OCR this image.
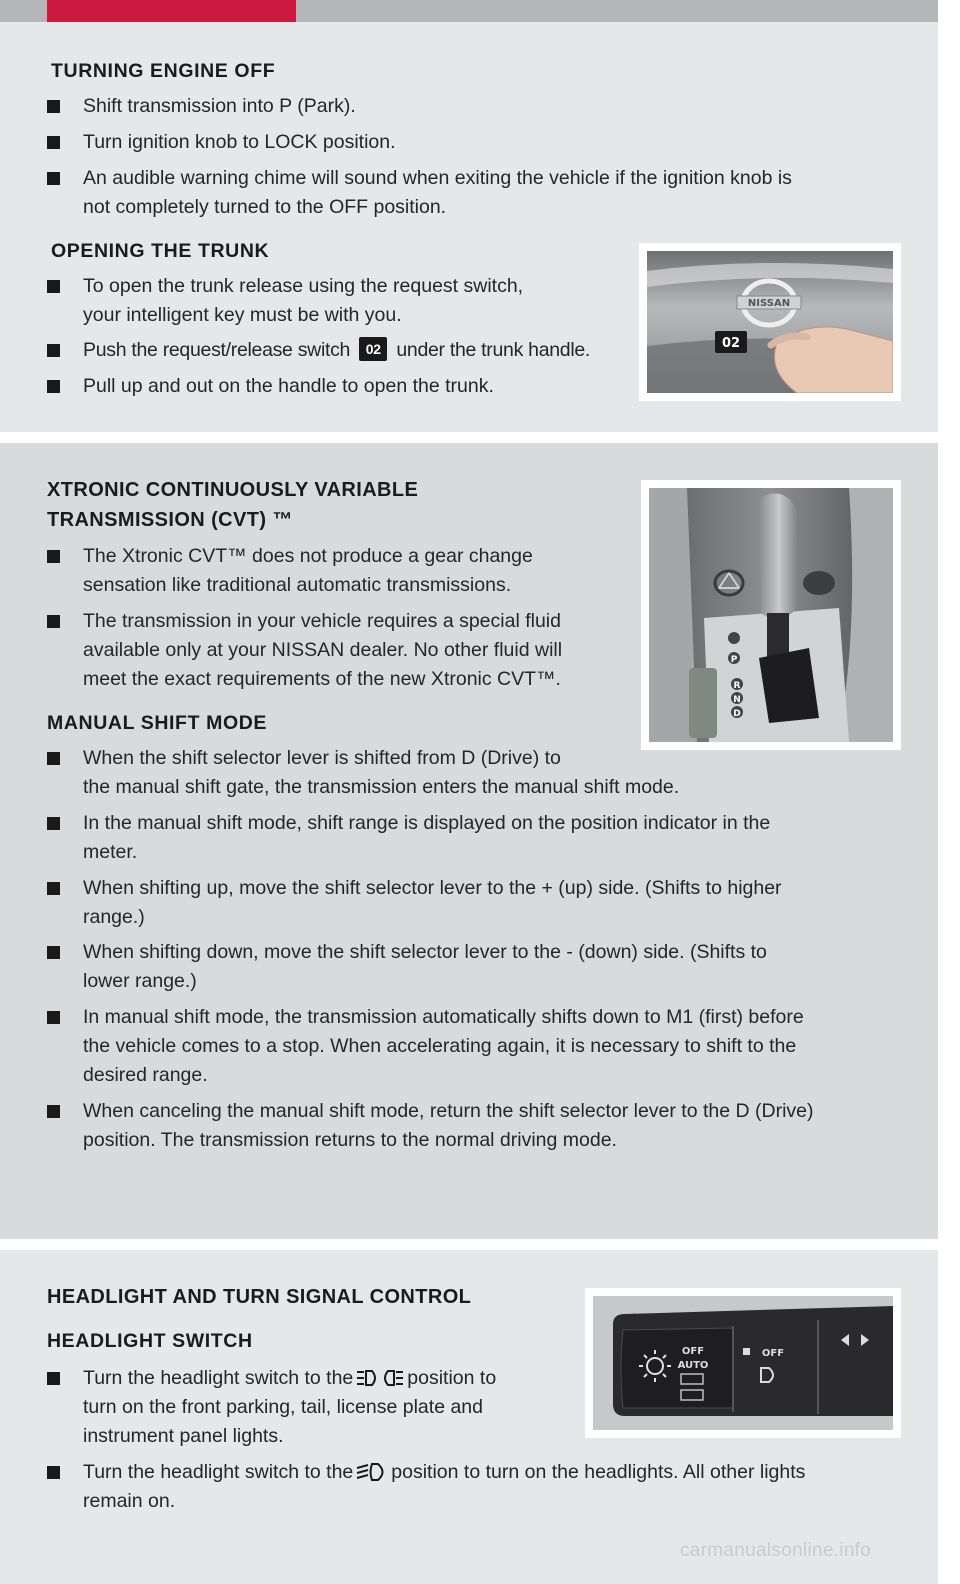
TURNING ENGINE OFF

Shift transmission into P (Park).

Turn ignition knob to LOCK position.

An audible warning chime will sound when exiting the vehicle if the ignition knob is
not completely turned to the OFF position.

OPENING THE TRUNK

To open the trunk release using the request switch,
your intelligent key must be with you.

Push the request/release switch 02 under the trunk handle.

Pull up and out on the handle to open the trunk.

NISSAN
02
XTRONIC CONTINUOUSLY VARIABLE
TRANSMISSION (CVT) ™

The Xtronic CVT™ does not produce a gear change
sensation like traditional automatic transmissions.

The transmission in your vehicle requires a special fluid
available only at your NISSAN dealer. No other fluid will
meet the exact requirements of the new Xtronic CVT™.

MANUAL SHIFT MODE

When the shift selector lever is shifted from D (Drive) to
the manual shift gate, the transmission enters the manual shift mode.

In the manual shift mode, shift range is displayed on the position indicator in the
meter.

When shifting up, move the shift selector lever to the + (up) side. (Shifts to higher
range.)

When shifting down, move the shift selector lever to the - (down) side. (Shifts to
lower range.)

In manual shift mode, the transmission automatically shifts down to M1 (first) before
the vehicle comes to a stop. When accelerating again, it is necessary to shift to the
desired range.

When canceling the manual shift mode, return the shift selector lever to the D (Drive)
position. The transmission returns to the normal driving mode.

P
R
N
D
HEADLIGHT AND TURN SIGNAL CONTROL
HEADLIGHT SWITCH

Turn the headlight switch to the	position to
turn on the front parking, tail, license plate and
instrument panel lights.

Turn the headlight switch to the position to turn on the headlights. All other lights
remain on.

OFF
AUTO
OFF
carmanualsonline.info
